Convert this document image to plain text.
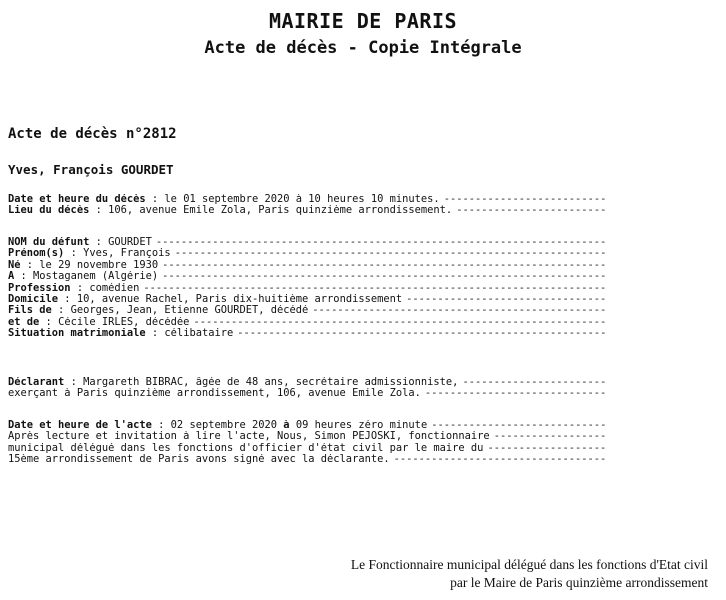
MAIRIE DE PARIS
Acte de décès - Copie Intégrale
Acte de décès n°2812
Yves, François GOURDET
Date et heure du décès : le 01 septembre 2020 à 10 heures 10 minutes.
-----
Lieu du décès : 106, avenue Emile Zola, Paris quinzième arrondissement.
-----
NOM du défunt : GOURDET
-----
Prénom(s) : Yves, François
-----
Né : le 29 novembre 1930
-----
À : Mostaganem (Algérie)
-----
Profession : comédien
-----
Domicile : 10, avenue Rachel, Paris dix-huitième arrondissement
-----
Fils de : Georges, Jean, Etienne GOURDET, décédé
-----
et de : Cécile IRLES, décédée
-----
Situation matrimoniale : célibataire
-----
Déclarant : Margareth BIBRAC, âgée de 48 ans, secrétaire admissionniste,
-----
exerçant à Paris quinzième arrondissement, 106, avenue Emile Zola.
-----
Date et heure de l'acte : 02 septembre 2020
à
09 heures zéro minute
-----
Après lecture et invitation à lire l'acte, Nous, Simon PEJOSKI, fonctionnaire
-----
municipal délégué dans les fonctions d'officier d'état civil par le maire du
-----
15ème arrondissement de Paris avons signé avec la déclarante.
-----
Le Fonctionnaire municipal délégué dans les fonctions d'Etat civil
par le Maire de Paris quinzième arrondissement
